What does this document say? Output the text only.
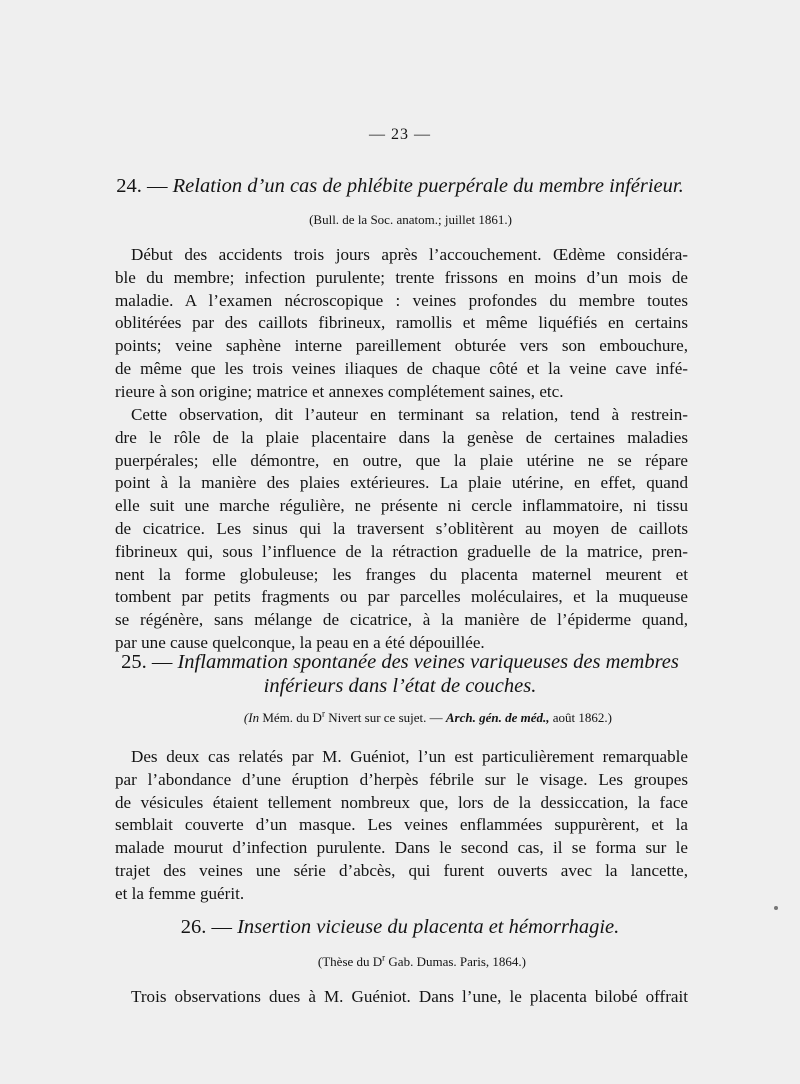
— 23 —
24. — Relation d’un cas de phlébite puerpérale du membre inférieur.
(Bull. de la Soc. anatom.; juillet 1861.)
Début des accidents trois jours après l’accouchement. Œdème considéra-
ble du membre; infection purulente; trente frissons en moins d’un mois de
maladie. A l’examen nécroscopique : veines profondes du membre toutes
oblitérées par des caillots fibrineux, ramollis et même liquéfiés en certains
points; veine saphène interne pareillement obturée vers son embouchure,
de même que les trois veines iliaques de chaque côté et la veine cave infé-
rieure à son origine; matrice et annexes complétement saines, etc.
Cette observation, dit l’auteur en terminant sa relation, tend à restrein-
dre le rôle de la plaie placentaire dans la genèse de certaines maladies
puerpérales; elle démontre, en outre, que la plaie utérine ne se répare
point à la manière des plaies extérieures. La plaie utérine, en effet, quand
elle suit une marche régulière, ne présente ni cercle inflammatoire, ni tissu
de cicatrice. Les sinus qui la traversent s’oblitèrent au moyen de caillots
fibrineux qui, sous l’influence de la rétraction graduelle de la matrice, pren-
nent la forme globuleuse; les franges du placenta maternel meurent et
tombent par petits fragments ou par parcelles moléculaires, et la muqueuse
se régénère, sans mélange de cicatrice, à la manière de l’épiderme quand,
par une cause quelconque, la peau en a été dépouillée.
25. — Inflammation spontanée des veines variqueuses des membres
inférieurs dans l’état de couches.
(In Mém. du $D^r$ Nivert sur ce sujet. — Arch. gén. de méd., août 1862.)
Des deux cas relatés par M. Guéniot, l’un est particulièrement remarquable
par l’abondance d’une éruption d’herpès fébrile sur le visage. Les groupes
de vésicules étaient tellement nombreux que, lors de la dessiccation, la face
semblait couverte d’un masque. Les veines enflammées suppurèrent, et la
malade mourut d’infection purulente. Dans le second cas, il se forma sur le
trajet des veines une série d’abcès, qui furent ouverts avec la lancette,
et la femme guérit.
26. — Insertion vicieuse du placenta et hémorrhagie.
(Thèse du $D^r$ Gab. Dumas. Paris, 1864.)
Trois observations dues à M. Guéniot. Dans l’une, le placenta bilobé offrait
